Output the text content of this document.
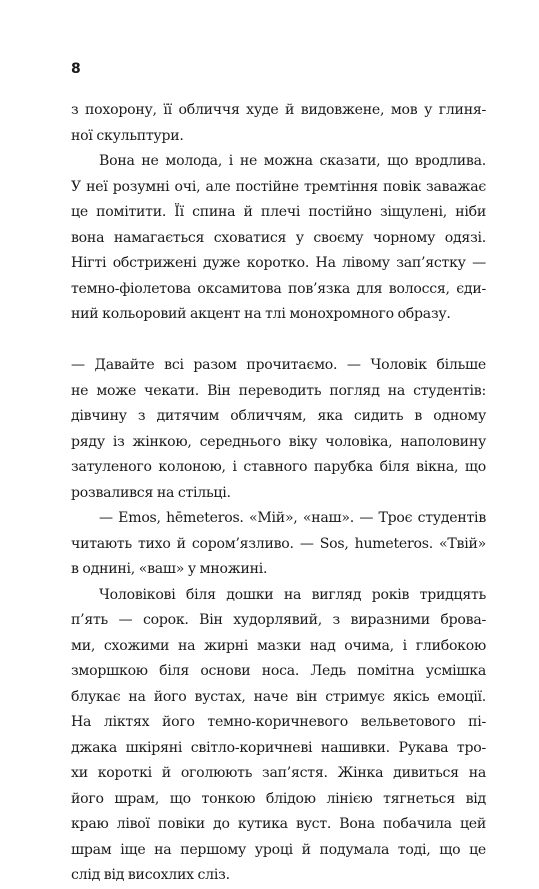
8
з похорону, її обличчя худе й видовжене, мов у глиня-
ної скульптури.
Вона не молода, і не можна сказати, що вродлива.
У неї розумні очі, але постійне тремтіння повік заважає
це помітити. Її спина й плечі постійно зіщулені, ніби
вона намагається сховатися у своєму чорному одязі.
Нігті обстрижені дуже коротко. На лівому зап’ястку —
темно-фіолетова оксамитова пов’язка для волосся, єди-
ний кольоровий акцент на тлі монохромного образу.
— Давайте всі разом прочитаємо. — Чоловік більше
не може чекати. Він переводить погляд на студентів:
дівчину з дитячим обличчям, яка сидить в одному
ряду із жінкою, середнього віку чоловіка, наполовину
затуленого колоною, і ставного парубка біля вікна, що
розвалився на стільці.
— Emos, hēmeteros. «Мій», «наш». — Троє студентів
читають тихо й сором’язливо. — Sos, humeteros. «Твій»
в однині, «ваш» у множині.
Чоловікові біля дошки на вигляд років тридцять
п’ять — сорок. Він худорлявий, з виразними брова-
ми, схожими на жирні мазки над очима, і глибокою
зморшкою біля основи носа. Ледь помітна усмішка
блукає на його вустах, наче він стримує якісь емоції.
На ліктях його темно-коричневого вельветового пі-
джака шкіряні світло-коричневі нашивки. Рукава тро-
хи короткі й оголюють зап’ястя. Жінка дивиться на
його шрам, що тонкою блідою лінією тягнеться від
краю лівої повіки до кутика вуст. Вона побачила цей
шрам іще на першому уроці й подумала тоді, що це
слід від висохлих сліз.
